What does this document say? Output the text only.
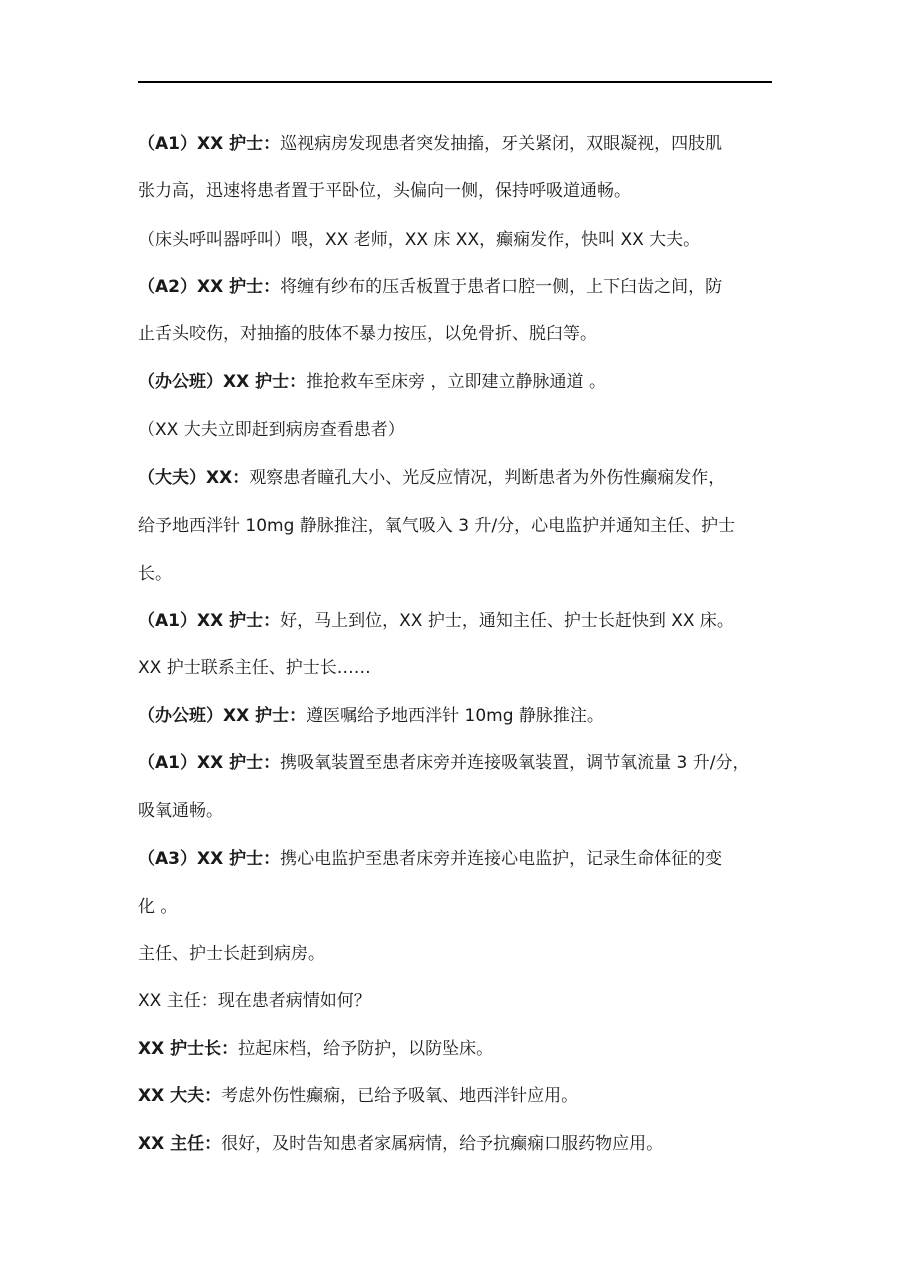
（A1）XX 护士：巡视病房发现患者突发抽搐，牙关紧闭，双眼凝视，四肢肌
张力高，迅速将患者置于平卧位，头偏向一侧，保持呼吸道通畅。
（床头呼叫器呼叫）喂，XX 老师，XX 床 XX，癫痫发作，快叫 XX 大夫。
（A2）XX 护士：将缠有纱布的压舌板置于患者口腔一侧，上下臼齿之间，防
止舌头咬伤，对抽搐的肢体不暴力按压，以免骨折、脱臼等。
（办公班）XX 护士：推抢救车至床旁 ，立即建立静脉通道 。
（XX 大夫立即赶到病房查看患者）
（大夫）XX：观察患者瞳孔大小、光反应情况，判断患者为外伤性癫痫发作，
给予地西泮针 10mg 静脉推注，氧气吸入 3 升/分，心电监护并通知主任、护士
长。
（A1）XX 护士：好，马上到位，XX 护士，通知主任、护士长赶快到 XX 床。
XX 护士联系主任、护士长……
（办公班）XX 护士：遵医嘱给予地西泮针 10mg 静脉推注。
（A1）XX 护士：携吸氧装置至患者床旁并连接吸氧装置，调节氧流量 3 升/分，
吸氧通畅。
（A3）XX 护士：携心电监护至患者床旁并连接心电监护，记录生命体征的变
化 。
主任、护士长赶到病房。
XX 主任：现在患者病情如何？
XX 护士长：拉起床档，给予防护，以防坠床。
XX 大夫：考虑外伤性癫痫，已给予吸氧、地西泮针应用。
XX 主任：很好，及时告知患者家属病情，给予抗癫痫口服药物应用。
